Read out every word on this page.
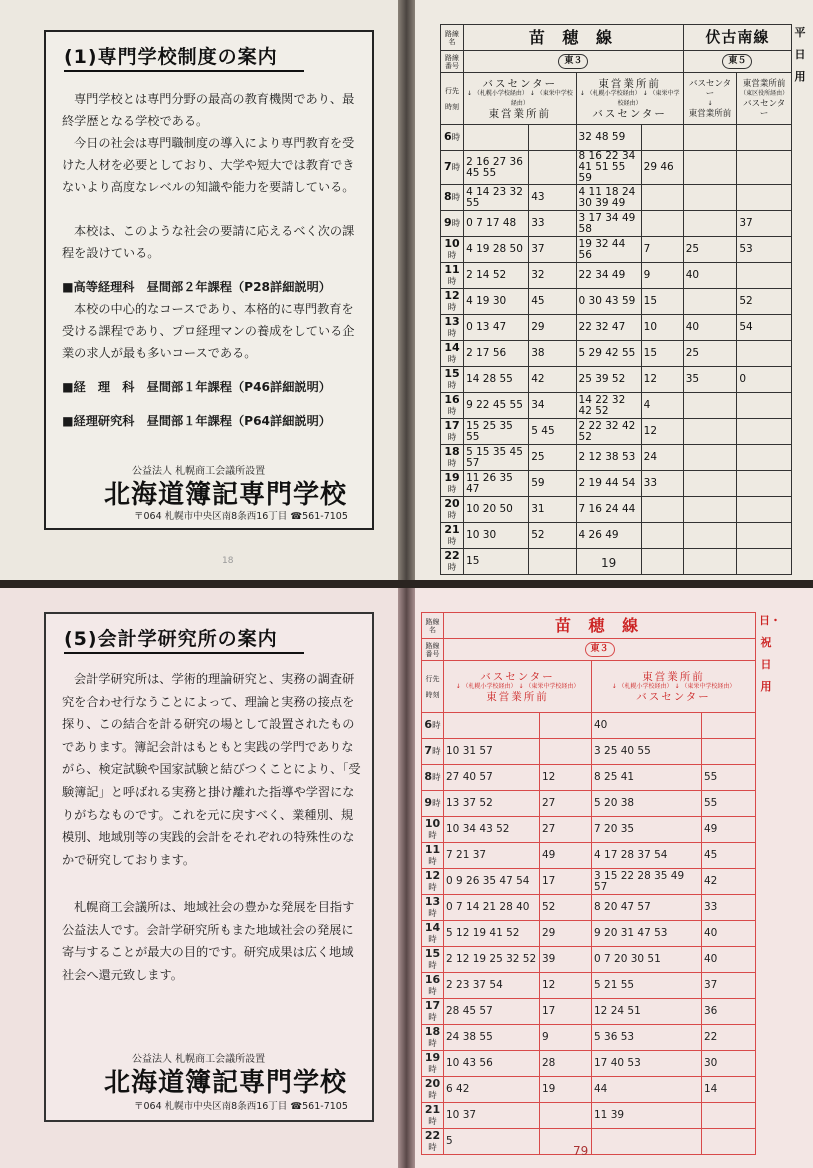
(1)専門学校制度の案内

専門学校とは専門分野の最高の教育機関であり、最終学歴となる学校である。

今日の社会は専門職制度の導入により専門教育を受けた人材を必要としており、大学や短大では教育できないより高度なレベルの知識や能力を要請している。

本校は、このような社会の要請に応えるべく次の課程を設けている。

■高等経理科　昼間部２年課程（P28詳細説明）

本校の中心的なコースであり、本格的に専門教育を受ける課程であり、プロ経理マンの養成をしている企業の求人が最も多いコースである。

■経　理　科　昼間部１年課程（P46詳細説明）
■経理研究科　昼間部１年課程（P64詳細説明）
公益法人 札幌商工会議所設置
北海道簿記専門学校
〒064 札幌市中央区南8条西16丁目 ☎561-7105
18
路線名	苗 穂 線				伏古南線	
路線番号	東３				東５	
行先

時刻	バスセンター
↓ （札幌小学校経由） ↓ （東栄中学校経由）
東営業所前		東営業所前
↓ （札幌小学校経由） ↓ （東栄中学校経由）
バスセンター		バスセンター
↓
東営業所前	東営業所前
（東区役所経由）
バスセンター

6時			32 48 59			
7時	2 16 27 36 45 55		8 16 22 34 41 51 55 59	29 46		
8時	4 14 23 32 55	43	4 11 18 24 30 39 49			
9時	0 7 17 48	33	3 17 34 49 58			37
10時	4 19 28 50	37	19 32 44 56	7	25	53
11時	2 14 52	32	22 34 49	9	40	
12時	4 19 30	45	0 30 43 59	15		52
13時	0 13 47	29	22 32 47	10	40	54
14時	2 17 56	38	5 29 42 55	15	25	
15時	14 28 55	42	25 39 52	12	35	0
16時	9 22 45 55	34	14 22 32 42 52	4		
17時	15 25 35 55	5 45	2 22 32 42 52	12		
18時	5 15 35 45 57	25	2 12 38 53	24		
19時	11 26 35 47	59	2 19 44 54	33		
20時	10 20 50	31	7 16 24 44			
21時	10 30	52	4 26 49			
22時	15					
平日用
19
(5)会計学研究所の案内

会計学研究所は、学術的理論研究と、実務の調査研究を合わせ行なうことによって、理論と実務の接点を探り、この結合を計る研究の場として設置されたものであります。簿記会計はもともと実践の学門でありながら、検定試験や国家試験と結びつくことにより、「受験簿記」と呼ばれる実務と掛け離れた指導や学習になりがちなものです。これを元に戻すべく、業種別、規模別、地域別等の実践的会計をそれぞれの特殊性のなかで研究しております。

札幌商工会議所は、地域社会の豊かな発展を目指す公益法人です。会計学研究所もまた地域社会の発展に寄与することが最大の目的です。研究成果は広く地域社会へ還元致します。

公益法人 札幌商工会議所設置
北海道簿記専門学校
〒064 札幌市中央区南8条西16丁目 ☎561-7105
路線名	苗 穂 線			
路線番号	東３			
行先

時刻	バスセンター
↓ （札幌小学校経由） ↓ （東栄中学校経由）
東営業所前		東営業所前
↓ （札幌小学校経由） ↓ （東栄中学校経由）
バスセンター	

6時			40	
7時	10 31 57		3 25 40 55	
8時	27 40 57	12	8 25 41	55
9時	13 37 52	27	5 20 38	55
10時	10 34 43 52	27	7 20 35	49
11時	7 21 37	49	4 17 28 37 54	45
12時	0 9 26 35 47 54	17	3 15 22 28 35 49 57	42
13時	0 7 14 21 28 40	52	8 20 47 57	33
14時	5 12 19 41 52	29	9 20 31 47 53	40
15時	2 12 19 25 32 52	39	0 7 20 30 51	40
16時	2 23 37 54	12	5 21 55	37
17時	28 45 57	17	12 24 51	36
18時	24 38 55	9	5 36 53	22
19時	10 43 56	28	17 40 53	30
20時	6 42	19	44	14
21時	10 37		11 39	
22時	5			
日・祝日用
79
